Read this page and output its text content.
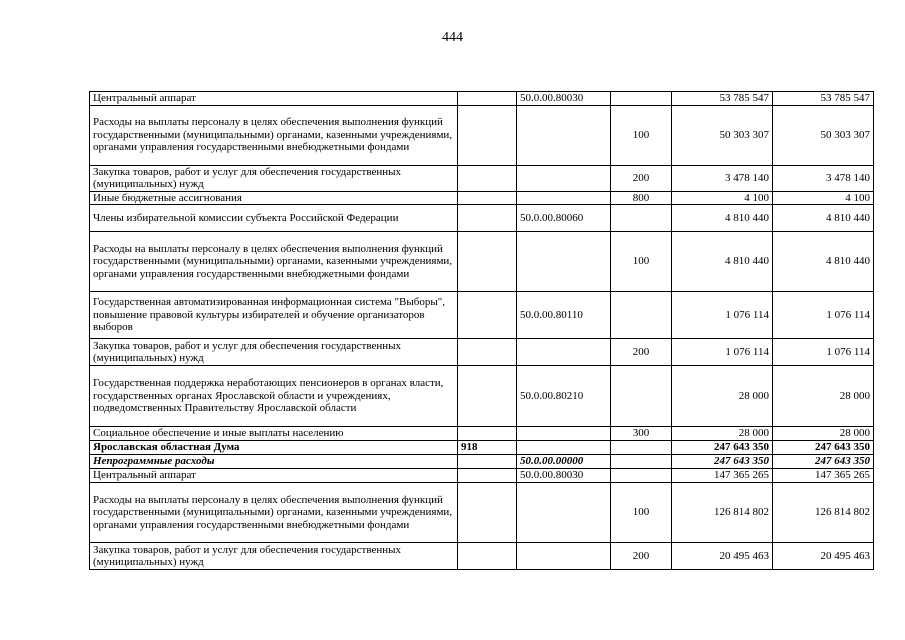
444
Центральный аппарат		50.0.00.80030		53 785 547	53 785 547
Расходы на выплаты персоналу в целях обеспечения выполнения функций государственными (муниципальными) органами, казенными учреждениями, органами управления государственными внебюджетными фондами			100	50 303 307	50 303 307
Закупка товаров, работ и услуг для обеспечения государственных (муниципальных) нужд			200	3 478 140	3 478 140
Иные бюджетные ассигнования			800	4 100	4 100
Члены избирательной комиссии субъекта Российской Федерации		50.0.00.80060		4 810 440	4 810 440
Расходы на выплаты персоналу в целях обеспечения выполнения функций государственными (муниципальными) органами, казенными учреждениями, органами управления государственными внебюджетными фондами			100	4 810 440	4 810 440
Государственная автоматизированная информационная система "Выборы", повышение правовой культуры избирателей и обучение организаторов выборов		50.0.00.80110		1 076 114	1 076 114
Закупка товаров, работ и услуг для обеспечения государственных (муниципальных) нужд			200	1 076 114	1 076 114
Государственная поддержка неработающих пенсионеров в органах власти, государственных органах Ярославской области и учреждениях, подведомственных Правительству Ярославской области		50.0.00.80210		28 000	28 000
Социальное обеспечение и иные выплаты населению			300	28 000	28 000
Ярославская областная Дума	918			247 643 350	247 643 350
Непрограммные расходы		50.0.00.00000		247 643 350	247 643 350
Центральный аппарат		50.0.00.80030		147 365 265	147 365 265
Расходы на выплаты персоналу в целях обеспечения выполнения функций государственными (муниципальными) органами, казенными учреждениями, органами управления государственными внебюджетными фондами			100	126 814 802	126 814 802
Закупка товаров, работ и услуг для обеспечения государственных (муниципальных) нужд			200	20 495 463	20 495 463
